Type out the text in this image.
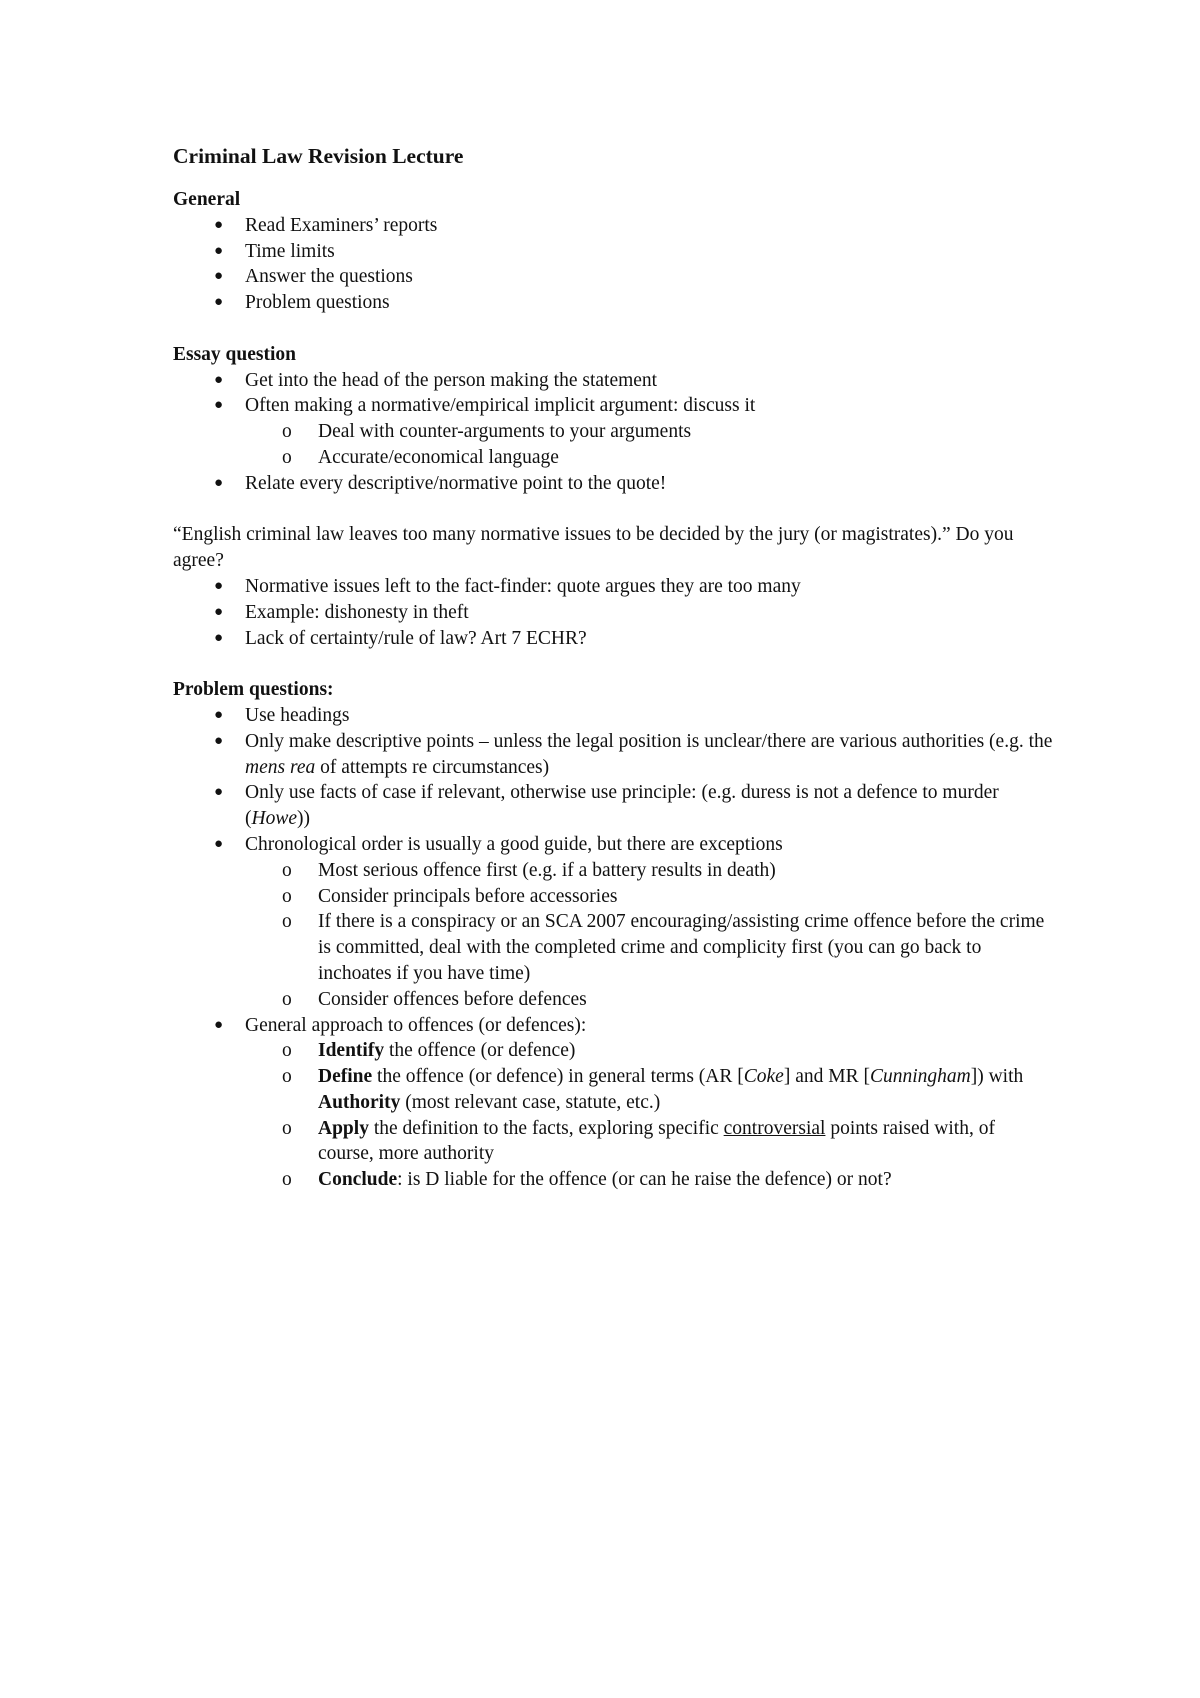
Criminal Law Revision Lecture

General

● Read Examiners’ reports
● Time limits
● Answer the questions
● Problem questions

Essay question

● Get into the head of the person making the statement
● Often making a normative/empirical implicit argument: discuss it
o Deal with counter-arguments to your arguments
o Accurate/economical language
● Relate every descriptive/normative point to the quote!

“English criminal law leaves too many normative issues to be decided by the jury (or magistrates).” Do you agree?

● Normative issues left to the fact-finder: quote argues they are too many
● Example: dishonesty in theft
● Lack of certainty/rule of law? Art 7 ECHR?

Problem questions:

● Use headings
● Only make descriptive points – unless the legal position is unclear/there are various authorities (e.g. the mens rea of attempts re circumstances)
● Only use facts of case if relevant, otherwise use principle: (e.g. duress is not a defence to murder (Howe))
● Chronological order is usually a good guide, but there are exceptions
o Most serious offence first (e.g. if a battery results in death)
o Consider principals before accessories
o If there is a conspiracy or an SCA 2007 encouraging/assisting crime offence before the crime is committed, deal with the completed crime and complicity first (you can go back to inchoates if you have time)
o Consider offences before defences
● General approach to offences (or defences):
o Identify the offence (or defence)
o Define the offence (or defence) in general terms (AR [Coke] and MR [Cunningham]) with Authority (most relevant case, statute, etc.)
o Apply the definition to the facts, exploring specific controversial points raised with, of course, more authority
o Conclude: is D liable for the offence (or can he raise the defence) or not?
